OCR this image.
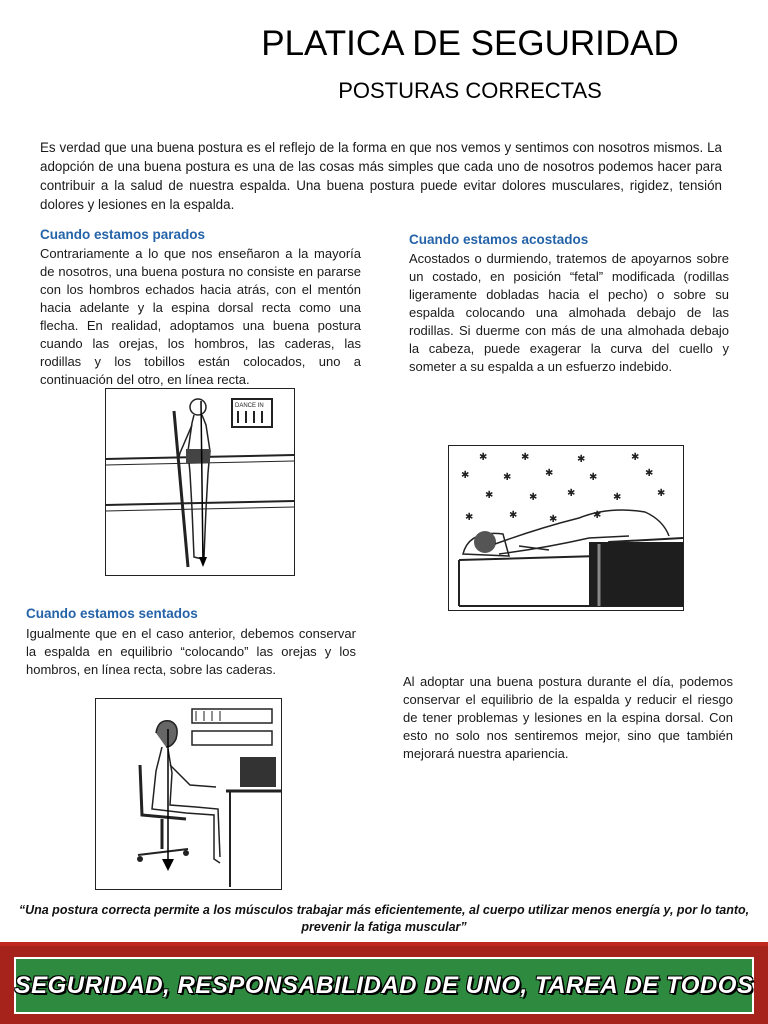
PLATICA DE SEGURIDAD
POSTURAS CORRECTAS
Es verdad que una buena postura es el reflejo de la forma en que nos vemos y sentimos con nosotros mismos. La adopción de una buena postura es una de las cosas más simples que cada uno de nosotros podemos hacer para contribuir a la salud de nuestra espalda. Una buena postura puede evitar dolores musculares, rigidez, tensión dolores y lesiones en la espalda.
Cuando estamos parados
Contrariamente a lo que nos enseñaron a la mayoría de nosotros, una buena postura no consiste en pararse con los hombros echados hacia atrás, con el mentón hacia adelante y la espina dorsal recta como una flecha. En realidad, adoptamos una buena postura cuando las orejas, los hombros, las caderas, las rodillas y los tobillos están colocados, uno a continuación del otro, en línea recta.
Cuando estamos acostados
Acostados o durmiendo, tratemos de apoyarnos sobre un costado, en posición “fetal” modificada (rodillas ligeramente dobladas hacia el pecho) o sobre su espalda colocando una almohada debajo de las rodillas. Si duerme con más de una almohada debajo la cabeza, puede exagerar la curva del cuello y someter a su espalda a un esfuerzo indebido.
DANCE IN
✱	✱	✱	✱
✱	✱	✱	✱	✱
✱	✱	✱	✱	✱
✱	✱	✱	✱
Cuando estamos sentados
Igualmente que en el caso anterior, debemos conservar la espalda en equilibrio “colocando” las orejas y los hombros, en línea recta, sobre las caderas.
Al adoptar una buena postura durante el día, podemos conservar el equilibrio de la espalda y reducir el riesgo de tener problemas y lesiones en la espina dorsal. Con esto no solo nos sentiremos mejor, sino que también mejorará nuestra apariencia.
“Una postura correcta permite a los músculos trabajar más eficientemente, al cuerpo utilizar menos energía y, por lo tanto, prevenir la fatiga muscular”
SEGURIDAD, RESPONSABILIDAD DE UNO, TAREA DE TODOS
